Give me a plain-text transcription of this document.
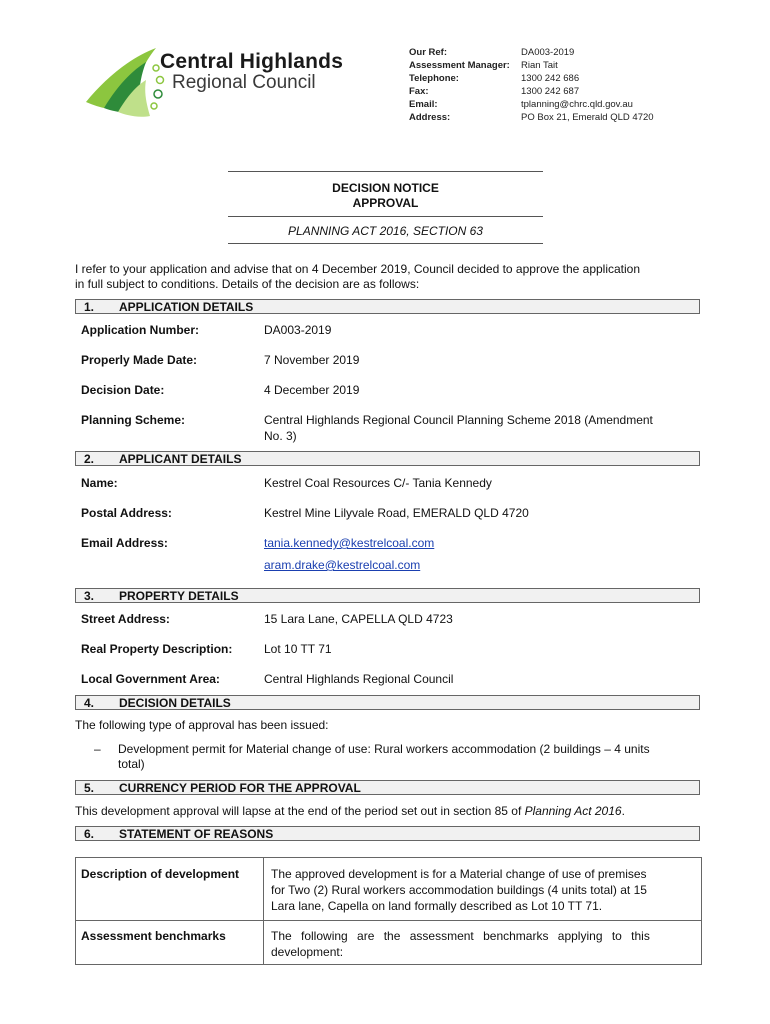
Central Highlands
Regional Council
Our Ref:	DA003-2019
Assessment Manager: Rian Tait
Telephone:	1300 242 686
Fax:	1300 242 687
Email:	tplanning@chrc.qld.gov.au
Address:	PO Box 21, Emerald QLD 4720
DECISION NOTICE
APPROVAL
PLANNING ACT 2016, SECTION 63
I refer to your application and advise that on 4 December 2019, Council decided to approve the application
in full subject to conditions. Details of the decision are as follows:
1. APPLICATION DETAILS
Application Number:	DA003-2019
Properly Made Date:	7 November 2019
Decision Date:	4 December 2019
Planning Scheme:	Central Highlands Regional Council Planning Scheme 2018 (Amendment
No. 3)
2. APPLICANT DETAILS
Name:	Kestrel Coal Resources C/- Tania Kennedy
Postal Address:	Kestrel Mine Lilyvale Road, EMERALD QLD 4720
Email Address:	tania.kennedy@kestrelcoal.com
aram.drake@kestrelcoal.com
3. PROPERTY DETAILS
Street Address:	15 Lara Lane, CAPELLA QLD 4723
Real Property Description:	Lot 10 TT 71
Local Government Area:	Central Highlands Regional Council
4. DECISION DETAILS
The following type of approval has been issued:
– Development permit for Material change of use: Rural workers accommodation (2 buildings – 4 units
total)
5. CURRENCY PERIOD FOR THE APPROVAL
This development approval will lapse at the end of the period set out in section 85 of Planning Act 2016.
6. STATEMENT OF REASONS
Description of development	The approved development is for a Material change of use of premises
for Two (2) Rural workers accommodation buildings (4 units total) at 15
Lara lane, Capella on land formally described as Lot 10 TT 71.
Assessment benchmarks	The following are the assessment benchmarks applying to this
development:
